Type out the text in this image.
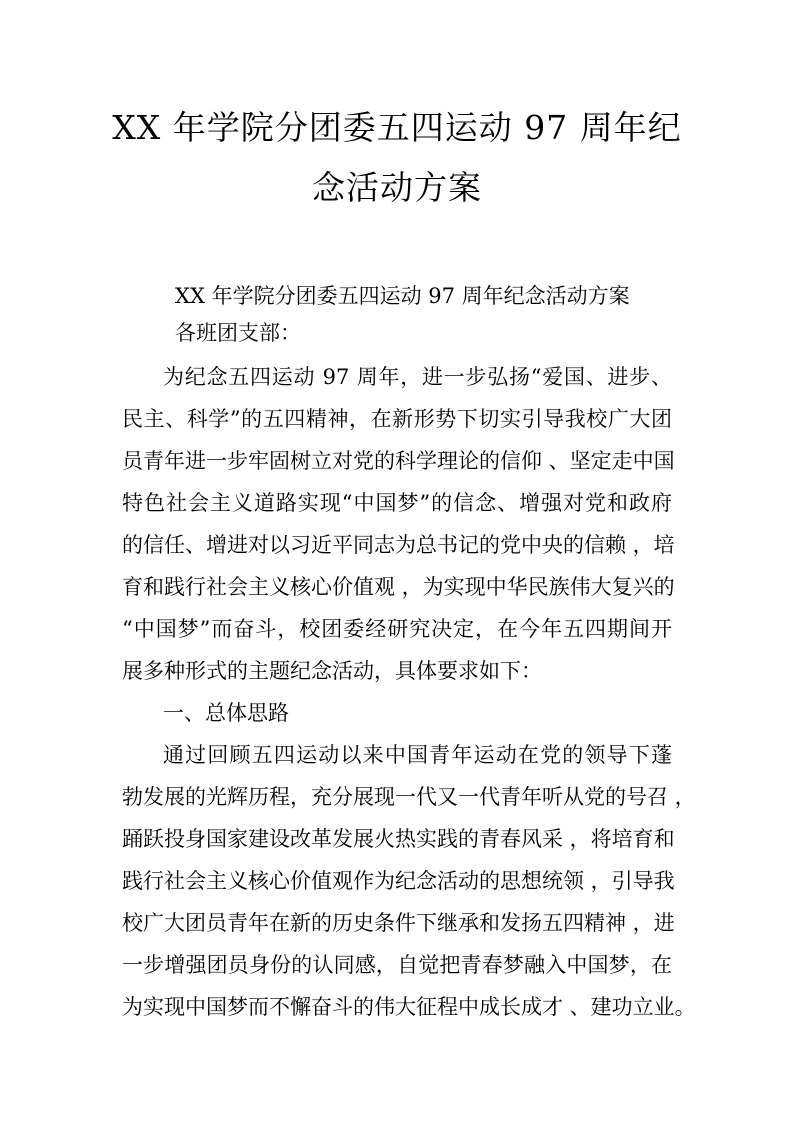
XX 年学院分团委五四运动 97 周年纪
念活动方案
XX 年学院分团委五四运动 97 周年纪念活动方案
各班团支部：
为纪念五四运动 97 周年，进一步弘扬“爱国、进步、
民主、科学”的五四精神，在新形势下切实引导我校广大团
员青年进一步牢固树立对党的科学理论的信仰 、坚定走中国
特色社会主义道路实现“中国梦”的信念、增强对党和政府
的信任、增进对以习近平同志为总书记的党中央的信赖 ，培
育和践行社会主义核心价值观 ，为实现中华民族伟大复兴的
“中国梦”而奋斗，校团委经研究决定，在今年五四期间开
展多种形式的主题纪念活动，具体要求如下：
一、总体思路
通过回顾五四运动以来中国青年运动在党的领导下蓬
勃发展的光辉历程，充分展现一代又一代青年听从党的号召 ，
踊跃投身国家建设改革发展火热实践的青春风采 ，将培育和
践行社会主义核心价值观作为纪念活动的思想统领 ，引导我
校广大团员青年在新的历史条件下继承和发扬五四精神 ，进
一步增强团员身份的认同感，自觉把青春梦融入中国梦，在
为实现中国梦而不懈奋斗的伟大征程中成长成才 、建功立业。
